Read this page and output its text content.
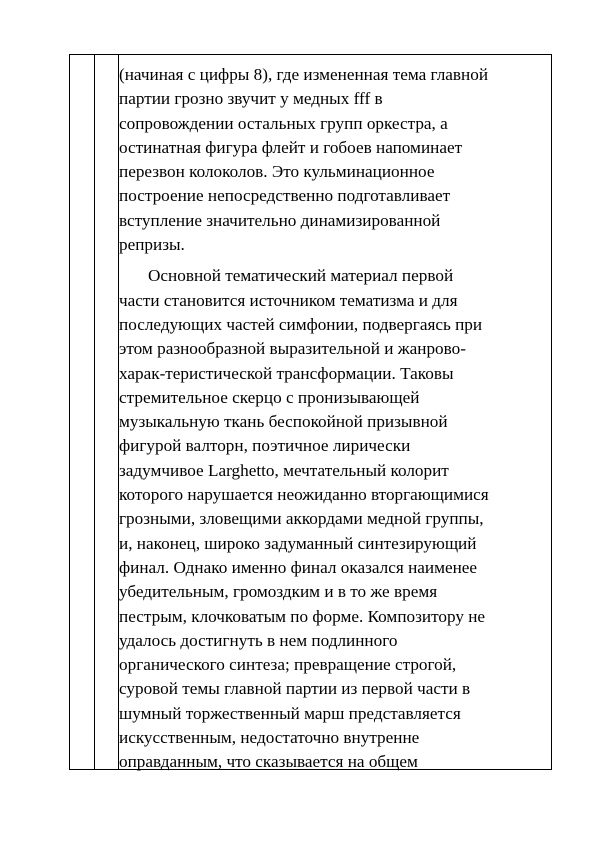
(начиная с цифры 8), где измененная тема главной
партии грозно звучит у медных fff в
сопровождении остальных групп оркестра, а
остинатная фигура флейт и гобоев напоминает
перезвон колоколов. Это кульминационное
построение непосредственно подготавливает
вступление значительно динамизированной
репризы.

Основной тематический материал первой
части становится источником тематизма и для
последующих частей симфонии, подвергаясь при
этом разнообразной выразительной и жанрово-
харак-теристической трансформации. Таковы
стремительное скерцо с пронизывающей
музыкальную ткань беспокойной призывной
фигурой валторн, поэтичное лирически
задумчивое Larghetto, мечтательный колорит
которого нарушается неожиданно вторгающимися
грозными, зловещими аккордами медной группы,
и, наконец, широко задуманный синтезирующий
финал. Однако именно финал оказался наименее
убедительным, громоздким и в то же время
пестрым, клочковатым по форме. Композитору не
удалось достигнуть в нем подлинного
органического синтеза; превращение строгой,
суровой темы главной партии из первой части в
шумный торжественный марш представляется
искусственным, недостаточно внутренне
оправданным, что сказывается на общем
